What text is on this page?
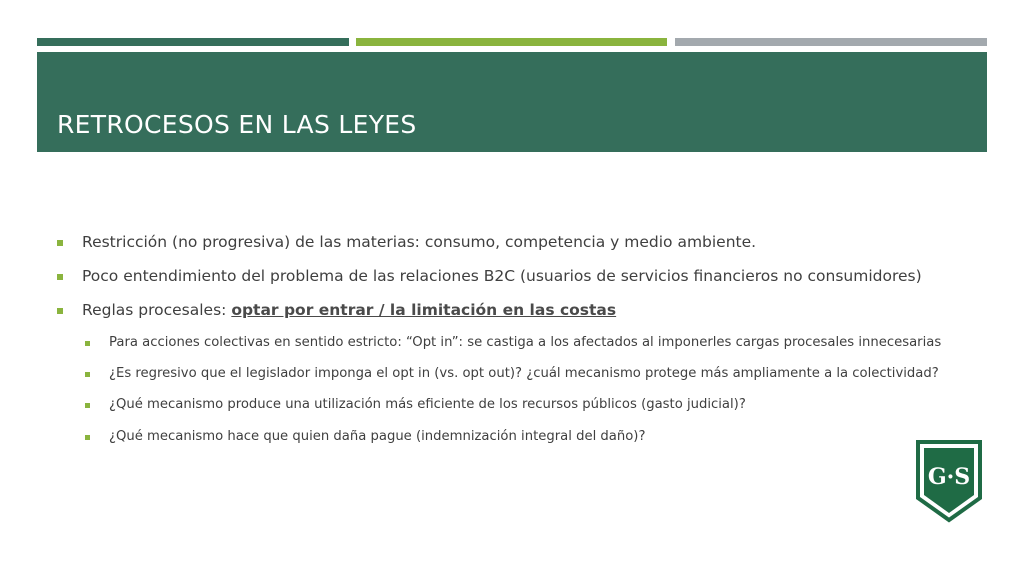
RETROCESOS EN LAS LEYES
Restricción (no progresiva) de las materias: consumo, competencia y medio ambiente.
Poco entendimiento del problema de las relaciones B2C (usuarios de servicios financieros no consumidores)
Reglas procesales: optar por entrar / la limitación en las costas
Para acciones colectivas en sentido estricto: “Opt in”: se castiga a los afectados al imponerles cargas procesales innecesarias
¿Es regresivo que el legislador imponga el opt in (vs. opt out)? ¿cuál mecanismo protege más ampliamente a la colectividad?
¿Qué mecanismo produce una utilización más eficiente de los recursos públicos (gasto judicial)?
¿Qué mecanismo hace que quien daña pague (indemnización integral del daño)?
G·S
